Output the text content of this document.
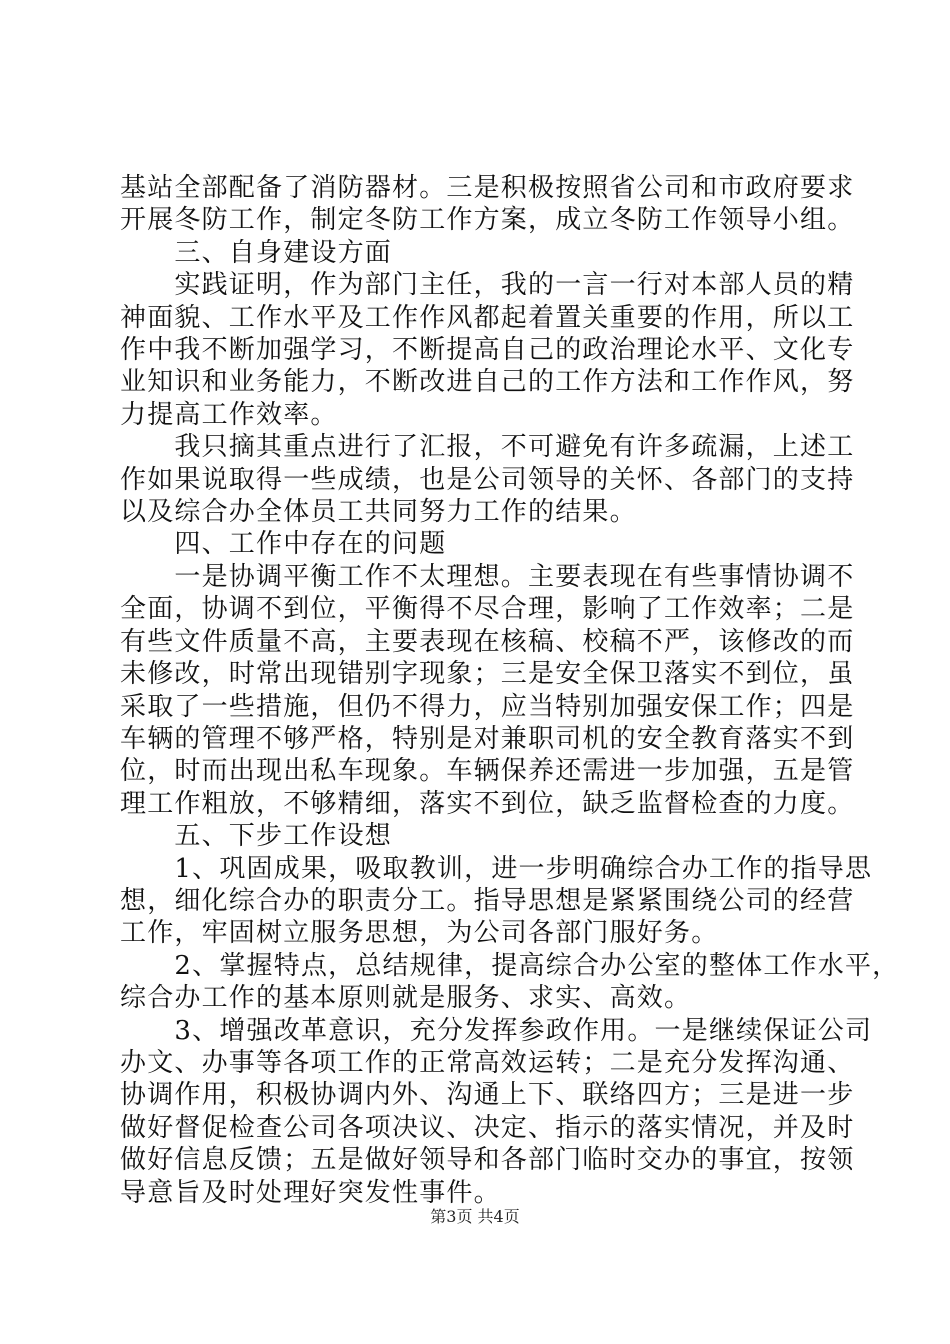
基站全部配备了消防器材。三是积极按照省公司和市政府要求
开展冬防工作，制定冬防工作方案，成立冬防工作领导小组。
　　三、自身建设方面
　　实践证明，作为部门主任，我的一言一行对本部人员的精
神面貌、工作水平及工作作风都起着置关重要的作用，所以工
作中我不断加强学习，不断提高自己的政治理论水平、文化专
业知识和业务能力，不断改进自己的工作方法和工作作风，努
力提高工作效率。
　　我只摘其重点进行了汇报，不可避免有许多疏漏，上述工
作如果说取得一些成绩，也是公司领导的关怀、各部门的支持
以及综合办全体员工共同努力工作的结果。
　　四、工作中存在的问题
　　一是协调平衡工作不太理想。主要表现在有些事情协调不
全面，协调不到位，平衡得不尽合理，影响了工作效率；二是
有些文件质量不高，主要表现在核稿、校稿不严，该修改的而
未修改，时常出现错别字现象；三是安全保卫落实不到位，虽
采取了一些措施，但仍不得力，应当特别加强安保工作；四是
车辆的管理不够严格，特别是对兼职司机的安全教育落实不到
位，时而出现出私车现象。车辆保养还需进一步加强，五是管
理工作粗放，不够精细，落实不到位，缺乏监督检查的力度。
　　五、下步工作设想
　　1、巩固成果，吸取教训，进一步明确综合办工作的指导思
想，细化综合办的职责分工。指导思想是紧紧围绕公司的经营
工作，牢固树立服务思想，为公司各部门服好务。
　　2、掌握特点，总结规律，提高综合办公室的整体工作水平，
综合办工作的基本原则就是服务、求实、高效。
　　3、增强改革意识，充分发挥参政作用。一是继续保证公司
办文、办事等各项工作的正常高效运转；二是充分发挥沟通、
协调作用，积极协调内外、沟通上下、联络四方；三是进一步
做好督促检查公司各项决议、决定、指示的落实情况，并及时
做好信息反馈；五是做好领导和各部门临时交办的事宜，按领
导意旨及时处理好突发性事件。
第3页 共4页
